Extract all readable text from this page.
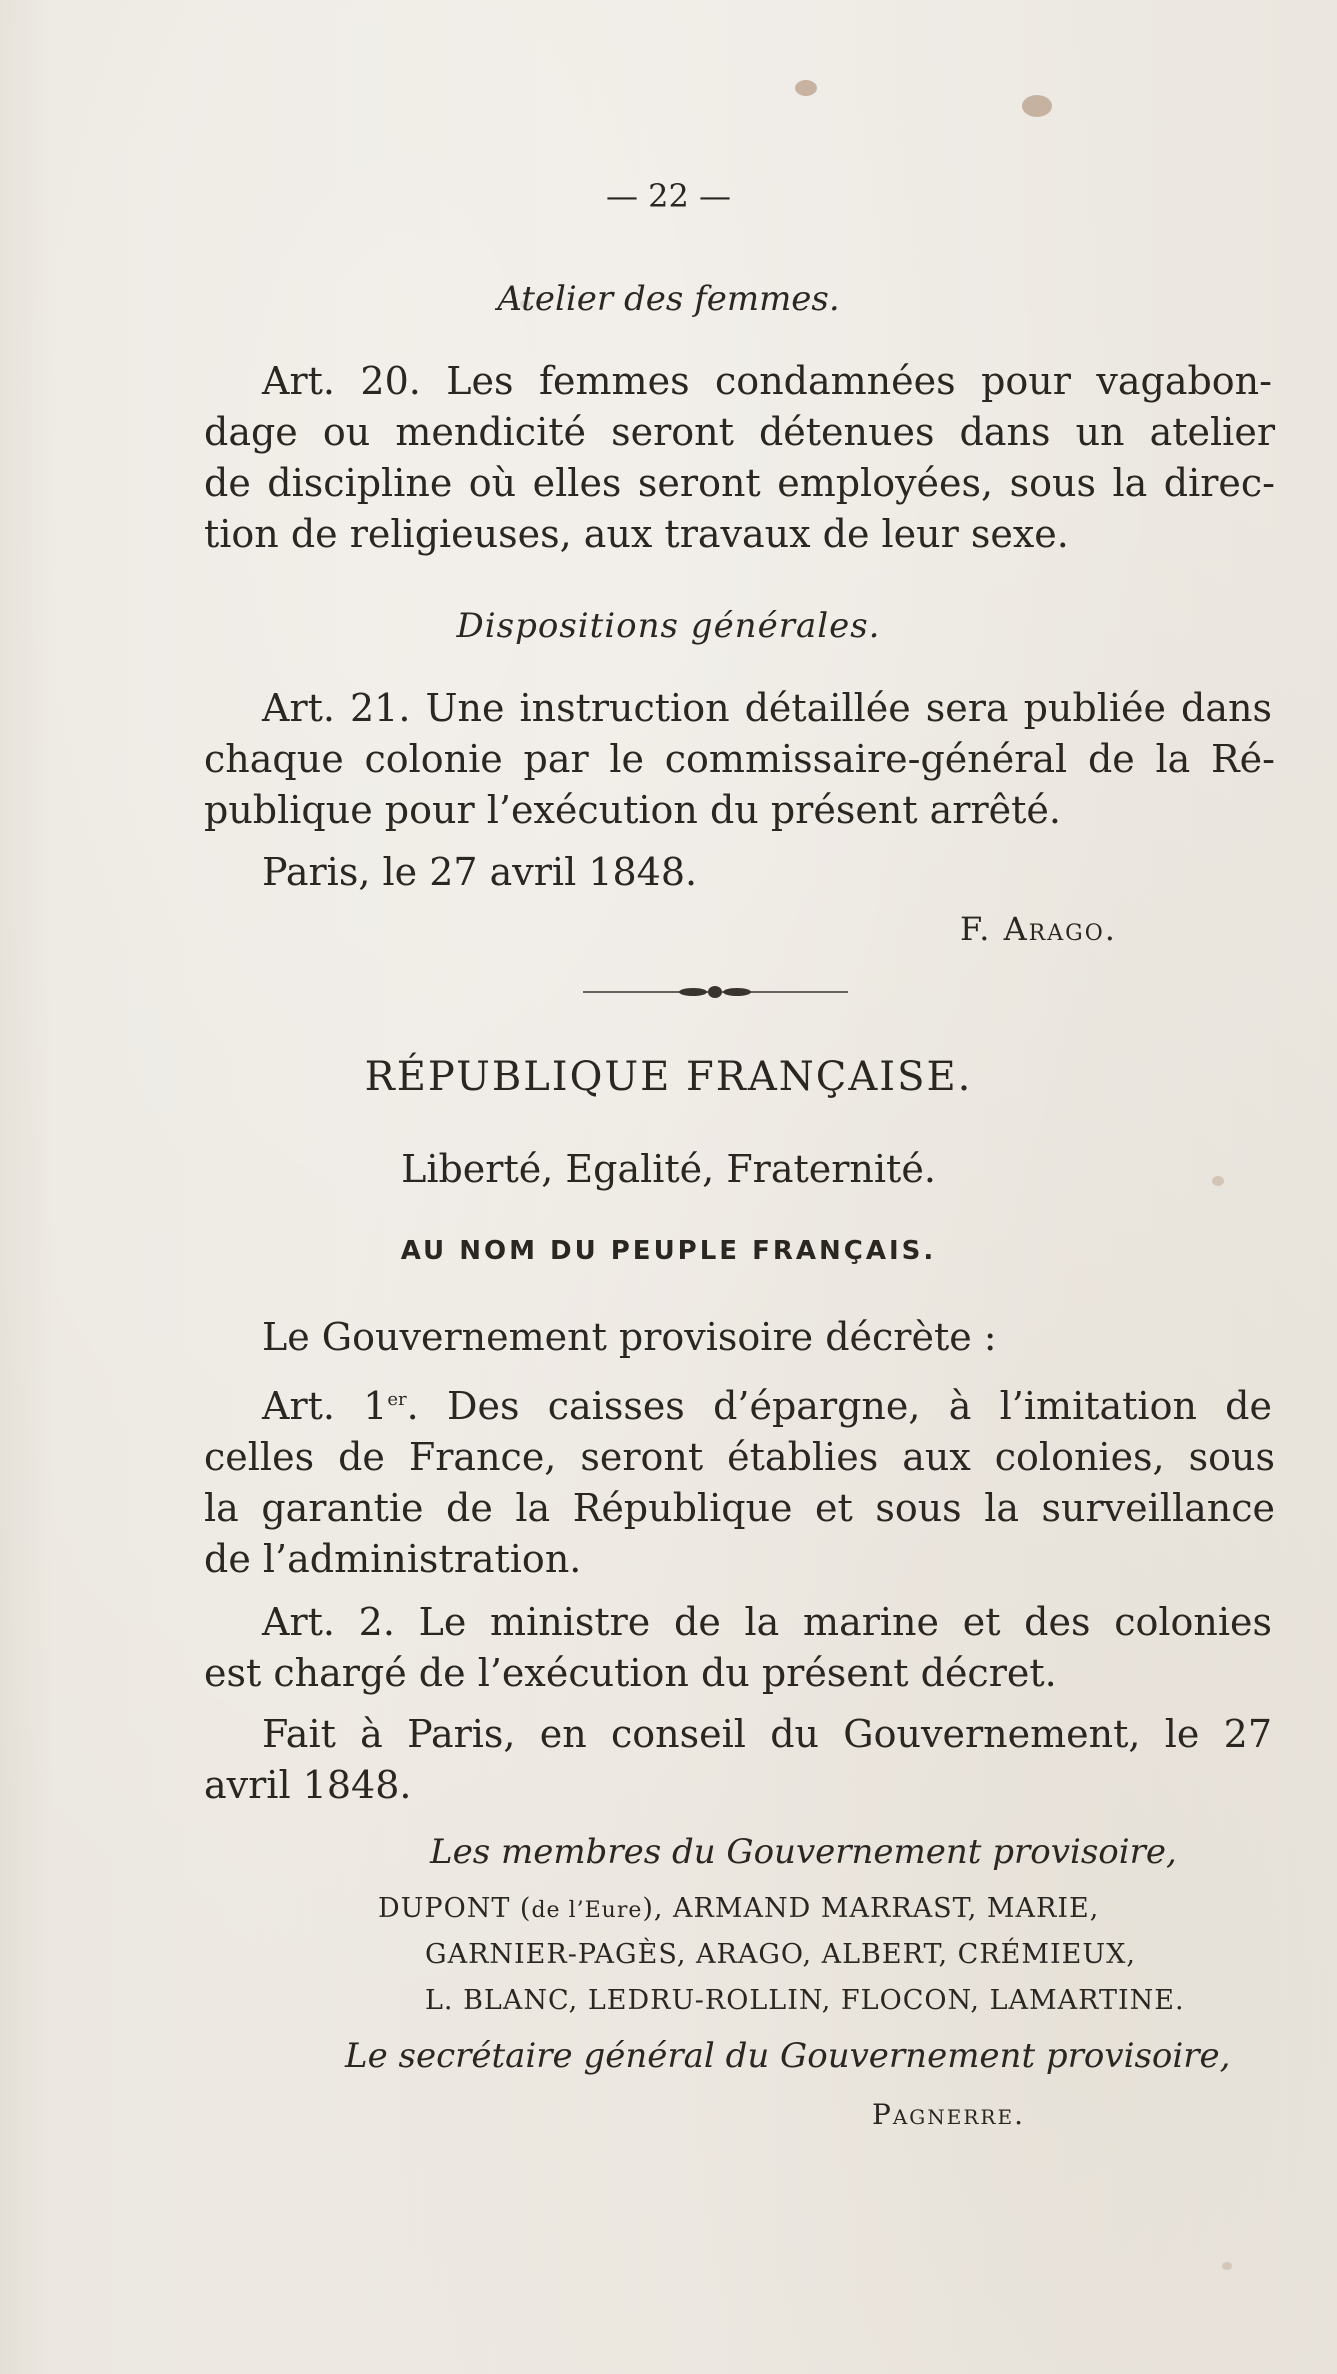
— 22 —
Atelier des femmes.
Art. 20. Les femmes condamnées pour vagabon-
dage ou mendicité seront détenues dans un atelier
de discipline où elles seront employées, sous la direc-
tion de religieuses, aux travaux de leur sexe.
Dispositions générales.
Art. 21. Une instruction détaillée sera publiée dans
chaque colonie par le commissaire-général de la Ré-
publique pour l’exécution du présent arrêté.
Paris, le 27 avril 1848.
F. Arago.
RÉPUBLIQUE FRANÇAISE.
Liberté, Egalité, Fraternité.
AU NOM DU PEUPLE FRANÇAIS.
Le Gouvernement provisoire décrète :
Art. 1er. Des caisses d’épargne, à l’imitation de
celles de France, seront établies aux colonies, sous
la garantie de la République et sous la surveillance
de l’administration.
Art. 2. Le ministre de la marine et des colonies
est chargé de l’exécution du présent décret.
Fait à Paris, en conseil du Gouvernement, le 27
avril 1848.
Les membres du Gouvernement provisoire,
DUPONT (de l’Eure), ARMAND MARRAST, MARIE,
GARNIER-PAGÈS, ARAGO, ALBERT, CRÉMIEUX,
L. BLANC, LEDRU-ROLLIN, FLOCON, LAMARTINE.
Le secrétaire général du Gouvernement provisoire,
Pagnerre.
